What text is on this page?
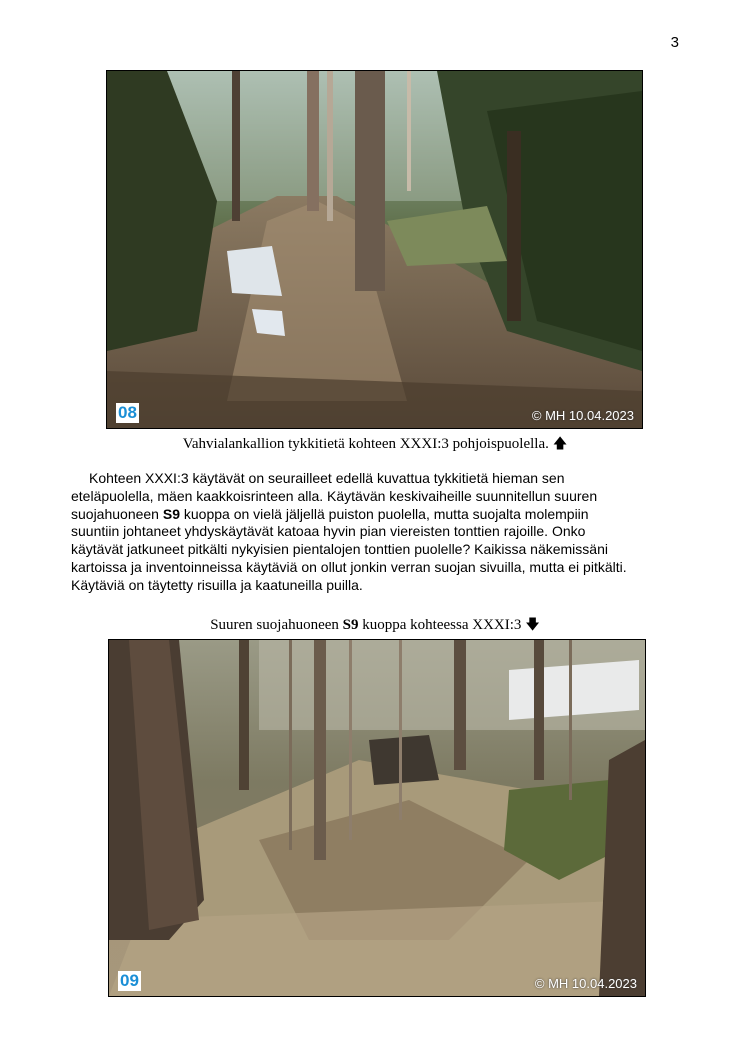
3
08	© MH 10.04.2023
Vahvialankallion tykkitietä kohteen XXXI:3 pohjoispuolella. 🡅

Kohteen XXXI:3 käytävät on seurailleet edellä kuvattua tykkitietä hieman sen

eteläpuolella, mäen kaakkoisrinteen alla. Käytävän keskivaiheille suunnitellun suuren
suojahuoneen S9 kuoppa on vielä jäljellä puiston puolella, mutta suojalta molempiin
suuntiin johtaneet yhdyskäytävät katoaa hyvin pian viereisten tonttien rajoille. Onko
käytävät jatkuneet pitkälti nykyisien pientalojen tonttien puolelle? Kaikissa näkemissäni
kartoissa ja inventoinneissa käytäviä on ollut jonkin verran suojan sivuilla, mutta ei pitkälti.
Käytäviä on täytetty risuilla ja kaatuneilla puilla.
Suuren suojahuoneen S9 kuoppa kohteessa XXXI:3 🡇
09	© MH 10.04.2023
